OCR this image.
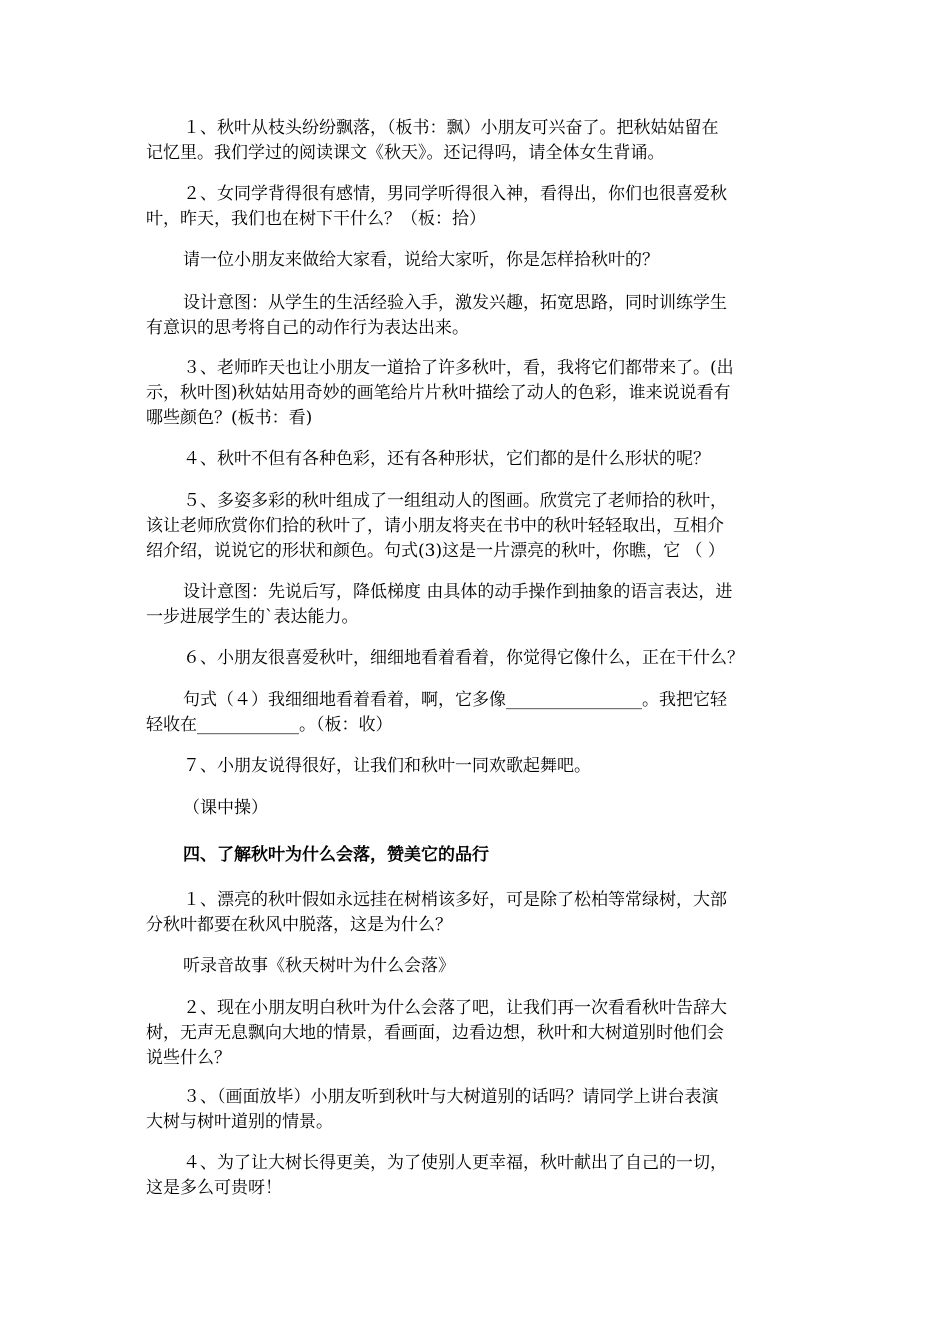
１、秋叶从枝头纷纷飘落，（板书：飘）小朋友可兴奋了。把秋姑姑留在
记忆里。我们学过的阅读课文《秋天》。还记得吗，请全体女生背诵。

２、女同学背得很有感情，男同学听得很入神，看得出，你们也很喜爱秋
叶，昨天，我们也在树下干什么？（板：拾）

请一位小朋友来做给大家看，说给大家听，你是怎样拾秋叶的？

设计意图：从学生的生活经验入手，激发兴趣，拓宽思路，同时训练学生
有意识的思考将自己的动作行为表达出来。

３、老师昨天也让小朋友一道拾了许多秋叶，看，我将它们都带来了。(出
示，秋叶图)秋姑姑用奇妙的画笔给片片秋叶描绘了动人的色彩，谁来说说看有
哪些颜色？(板书：看)

４、秋叶不但有各种色彩，还有各种形状，它们都的是什么形状的呢？

５、多姿多彩的秋叶组成了一组组动人的图画。欣赏完了老师拾的秋叶，
该让老师欣赏你们拾的秋叶了，请小朋友将夹在书中的秋叶轻轻取出，互相介
绍介绍，说说它的形状和颜色。句式(3)这是一片漂亮的秋叶，你瞧，它 （ ）

设计意图：先说后写，降低梯度 由具体的动手操作到抽象的语言表达，进
一步进展学生的`表达能力。

６、小朋友很喜爱秋叶，细细地看着看着，你觉得它像什么，正在干什么？

句式（４）我细细地看着看着，啊，它多像________________。我把它轻
轻收在____________。（板：收）

７、小朋友说得很好，让我们和秋叶一同欢歌起舞吧。

（课中操）

四、了解秋叶为什么会落，赞美它的品行

１、漂亮的秋叶假如永远挂在树梢该多好，可是除了松柏等常绿树，大部
分秋叶都要在秋风中脱落，这是为什么？

听录音故事《秋天树叶为什么会落》

２、现在小朋友明白秋叶为什么会落了吧，让我们再一次看看秋叶告辞大
树，无声无息飘向大地的情景，看画面，边看边想，秋叶和大树道别时他们会
说些什么？

３、（画面放毕）小朋友听到秋叶与大树道别的话吗？请同学上讲台表演
大树与树叶道别的情景。

４、为了让大树长得更美，为了使别人更幸福，秋叶献出了自己的一切，
这是多么可贵呀！
